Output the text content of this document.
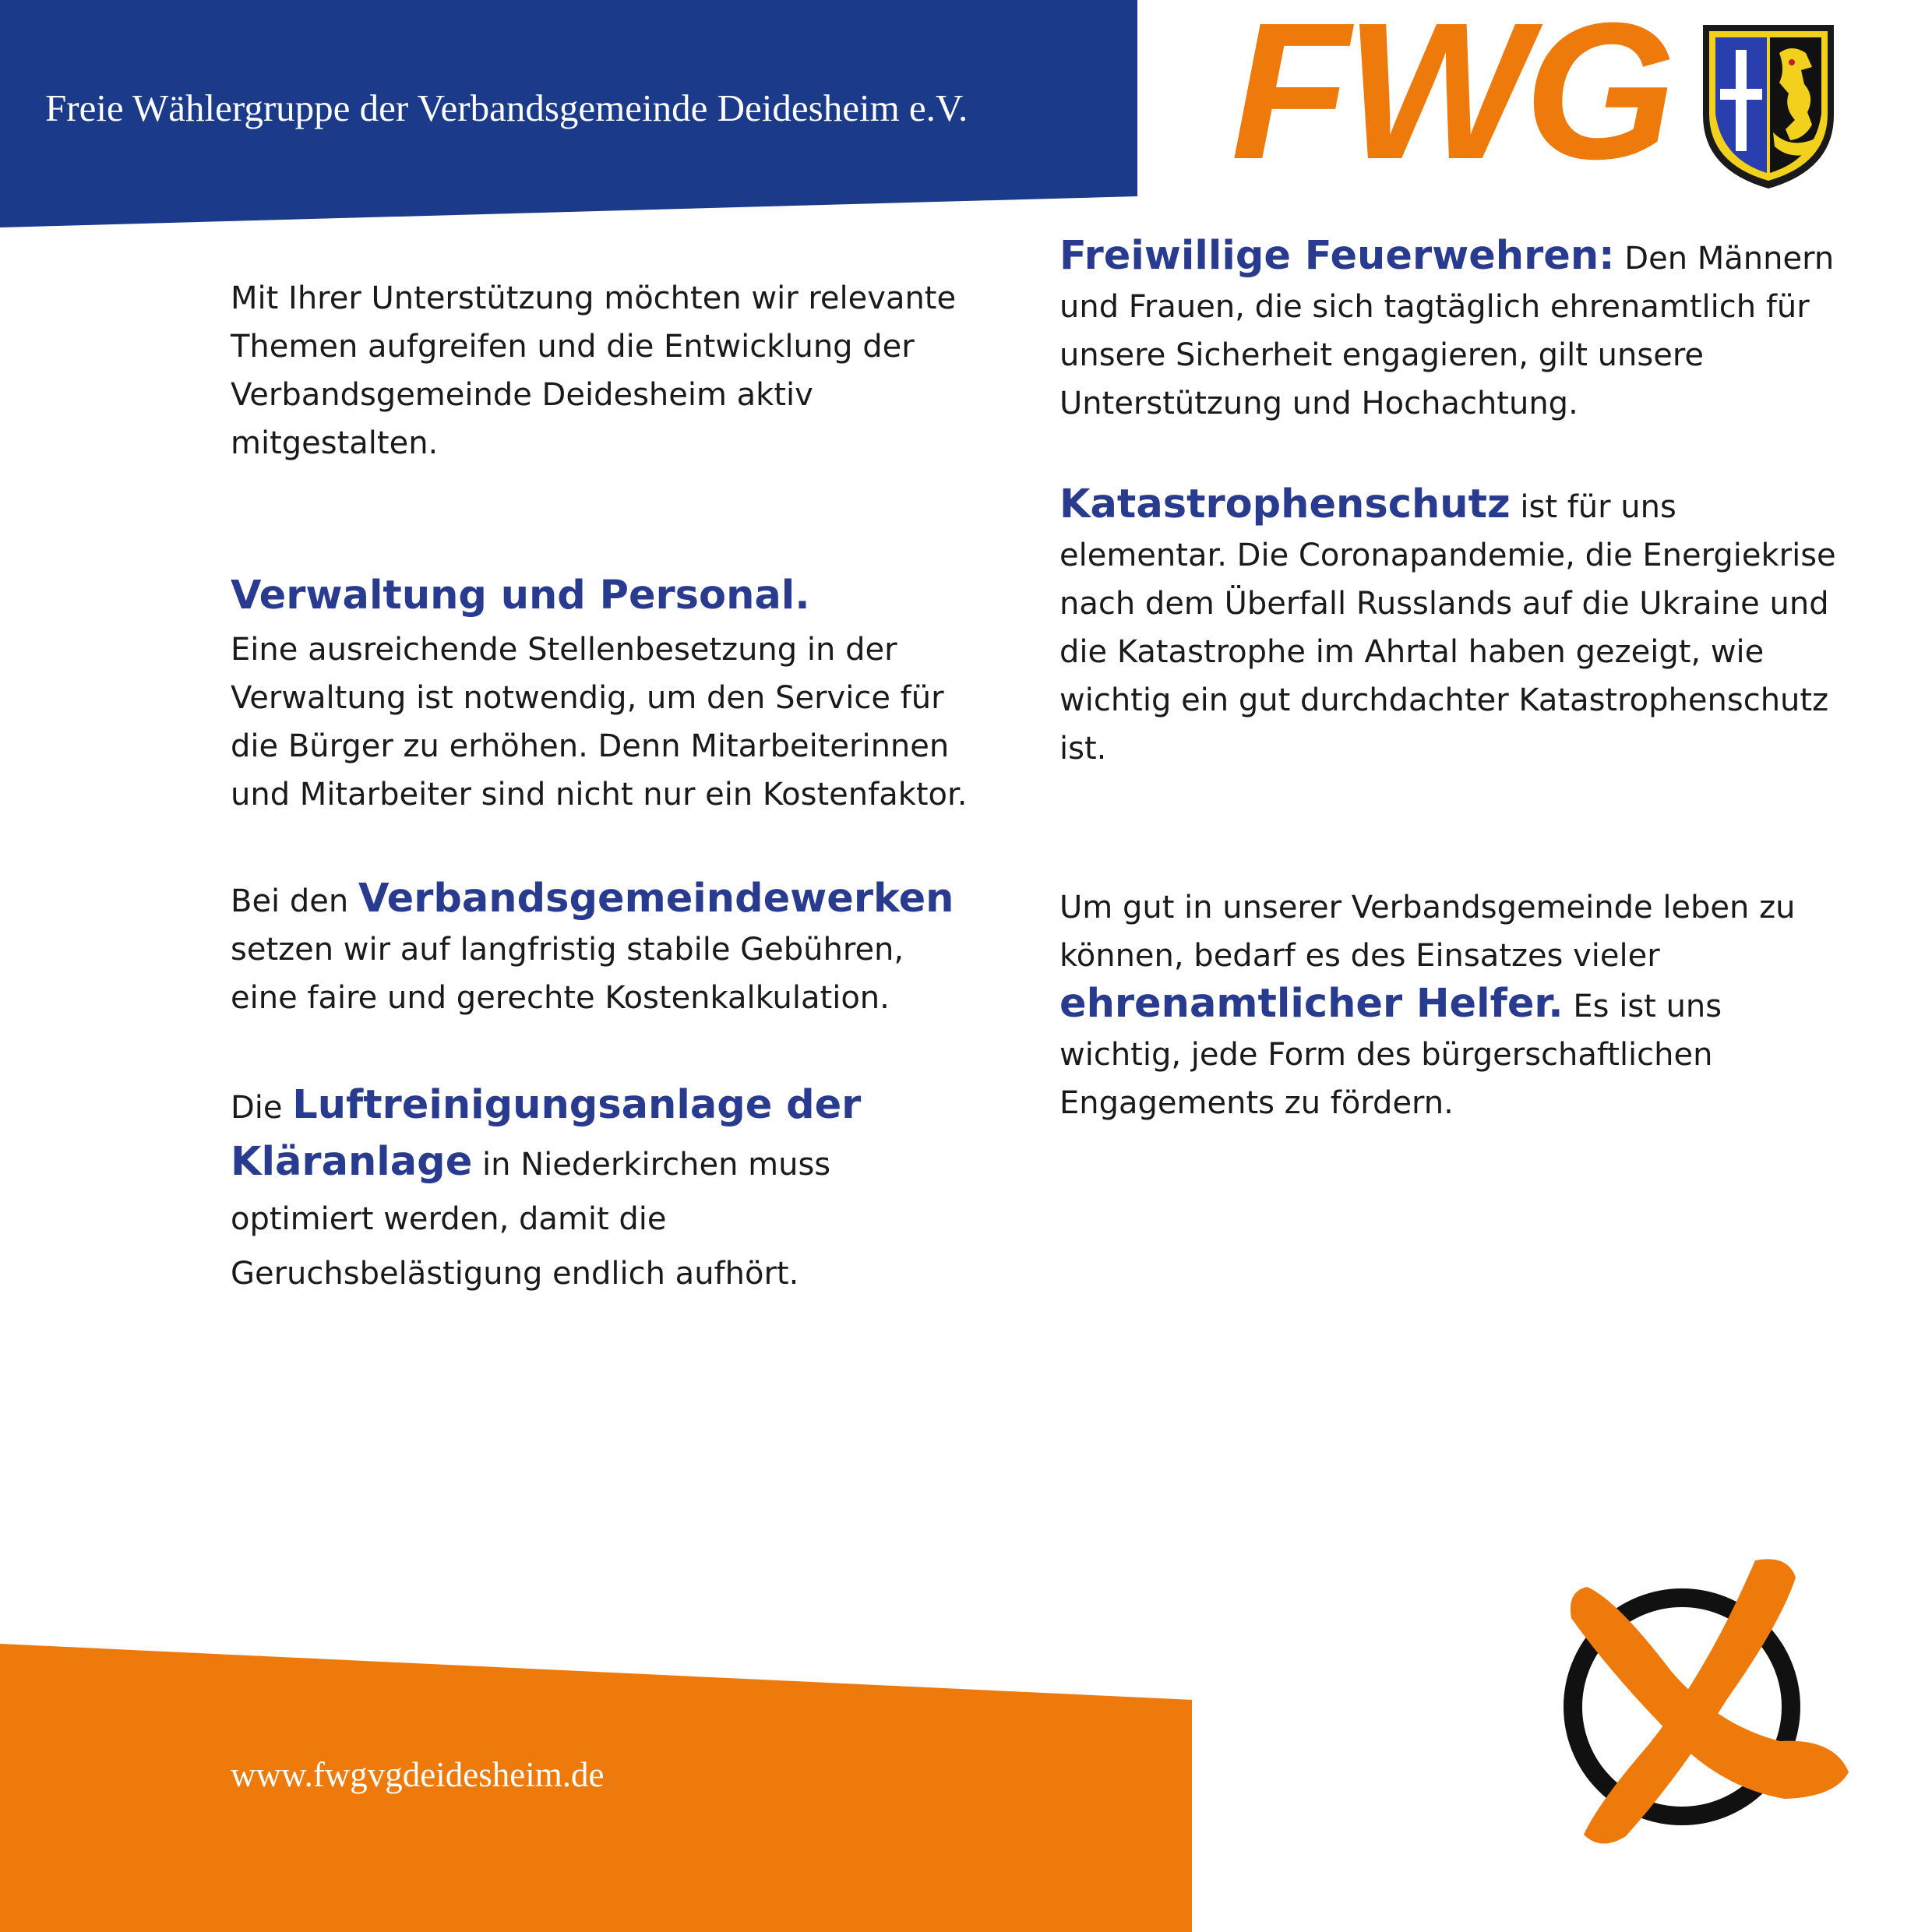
Freie Wählergruppe der Verbandsgemeinde Deidesheim e.V.	FWG

Mit Ihrer Unterstützung möchten wir relevante Themen aufgreifen und die Entwicklung der Verbandsgemeinde Deidesheim aktiv mitgestalten.

Verwaltung und Personal.

Eine ausreichende Stellenbesetzung in der Verwaltung ist notwendig, um den Service für die Bürger zu erhöhen. Denn Mitarbeiterinnen und Mitarbeiter sind nicht nur ein Kostenfaktor.

Bei den Verbandsgemeindewerken setzen wir auf langfristig stabile Gebühren, eine faire und gerechte Kostenkalkulation.

Die Luftreinigungsanlage der Kläranlage in Niederkirchen muss optimiert werden, damit die Geruchsbelästigung endlich aufhört.

Freiwillige Feuerwehren: Den Männern und Frauen, die sich tagtäglich ehrenamtlich für unsere Sicherheit engagieren, gilt unsere Unterstützung und Hochachtung.

Katastrophenschutz ist für uns elementar. Die Coronapandemie, die Energiekrise nach dem Überfall Russlands auf die Ukraine und die Katastrophe im Ahrtal haben gezeigt, wie wichtig ein gut durchdachter Katastrophenschutz ist.

Um gut in unserer Verbandsgemeinde leben zu können, bedarf es des Einsatzes vieler ehrenamtlicher Helfer. Es ist uns wichtig, jede Form des bürgerschaftlichen Engagements zu fördern.

www.fwgvgdeidesheim.de
